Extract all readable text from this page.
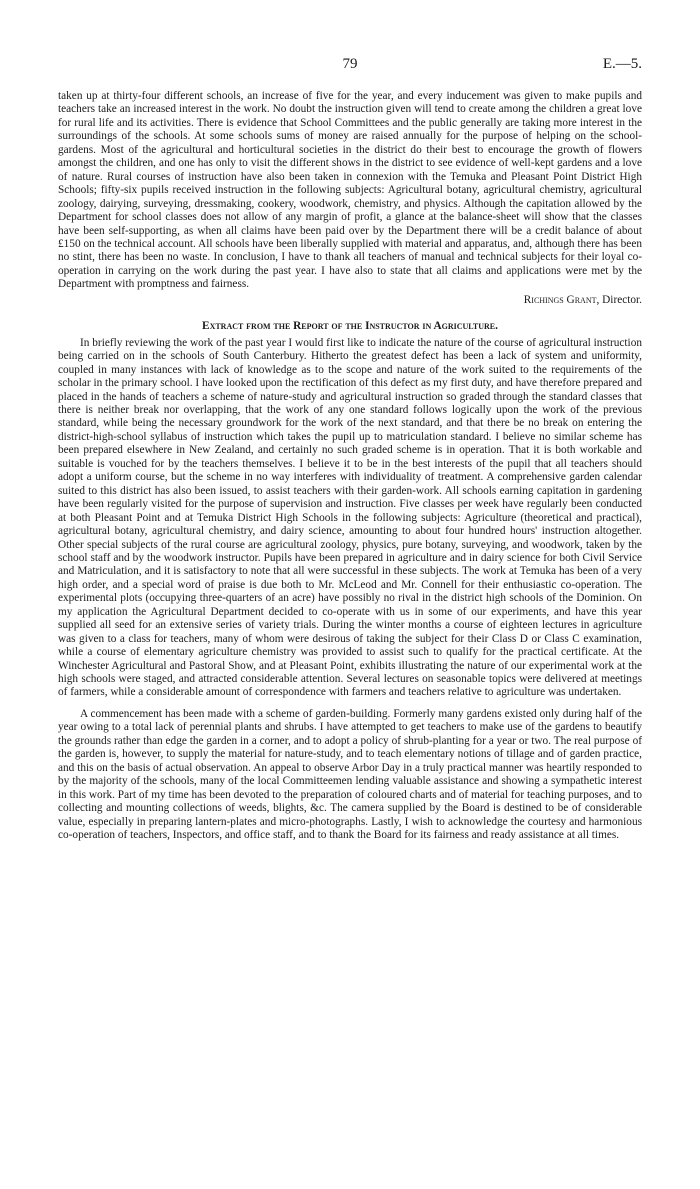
79	E.—5.

taken up at thirty-four different schools, an increase of five for the year, and every inducement was given to make pupils and teachers take an increased interest in the work. No doubt the instruction given will tend to create among the children a great love for rural life and its activities. There is evidence that School Committees and the public generally are taking more interest in the surroundings of the schools. At some schools sums of money are raised annually for the purpose of helping on the school-gardens. Most of the agricultural and horticultural societies in the district do their best to encourage the growth of flowers amongst the children, and one has only to visit the different shows in the district to see evidence of well-kept gardens and a love of nature. Rural courses of instruction have also been taken in connexion with the Temuka and Pleasant Point District High Schools; fifty-six pupils received instruction in the following subjects: Agricultural botany, agricultural chemistry, agricultural zoology, dairying, surveying, dressmaking, cookery, woodwork, chemistry, and physics. Although the capitation allowed by the Department for school classes does not allow of any margin of profit, a glance at the balance-sheet will show that the classes have been self-supporting, as when all claims have been paid over by the Department there will be a credit balance of about £150 on the technical account. All schools have been liberally supplied with material and apparatus, and, although there has been no stint, there has been no waste. In conclusion, I have to thank all teachers of manual and technical subjects for their loyal co-operation in carrying on the work during the past year. I have also to state that all claims and applications were met by the Department with promptness and fairness.

Richings Grant, Director.

Extract from the Report of the Instructor in Agriculture.

In briefly reviewing the work of the past year I would first like to indicate the nature of the course of agricultural instruction being carried on in the schools of South Canterbury. Hitherto the greatest defect has been a lack of system and uniformity, coupled in many instances with lack of knowledge as to the scope and nature of the work suited to the requirements of the scholar in the primary school. I have looked upon the rectification of this defect as my first duty, and have therefore prepared and placed in the hands of teachers a scheme of nature-study and agricultural instruction so graded through the standard classes that there is neither break nor overlapping, that the work of any one standard follows logically upon the work of the previous standard, while being the necessary groundwork for the work of the next standard, and that there be no break on entering the district-high-school syllabus of instruction which takes the pupil up to matriculation standard. I believe no similar scheme has been prepared elsewhere in New Zealand, and certainly no such graded scheme is in operation. That it is both workable and suitable is vouched for by the teachers themselves. I believe it to be in the best interests of the pupil that all teachers should adopt a uniform course, but the scheme in no way interferes with individuality of treatment. A comprehensive garden calendar suited to this district has also been issued, to assist teachers with their garden-work. All schools earning capitation in gardening have been regularly visited for the purpose of supervision and instruction. Five classes per week have regularly been conducted at both Pleasant Point and at Temuka District High Schools in the following subjects: Agriculture (theoretical and practical), agricultural botany, agricultural chemistry, and dairy science, amounting to about four hundred hours' instruction altogether. Other special subjects of the rural course are agricultural zoology, physics, pure botany, surveying, and woodwork, taken by the school staff and by the woodwork instructor. Pupils have been prepared in agriculture and in dairy science for both Civil Service and Matriculation, and it is satisfactory to note that all were successful in these subjects. The work at Temuka has been of a very high order, and a special word of praise is due both to Mr. McLeod and Mr. Connell for their enthusiastic co-operation. The experimental plots (occupying three-quarters of an acre) have possibly no rival in the district high schools of the Dominion. On my application the Agricultural Department decided to co-operate with us in some of our experiments, and have this year supplied all seed for an extensive series of variety trials. During the winter months a course of eighteen lectures in agriculture was given to a class for teachers, many of whom were desirous of taking the subject for their Class D or Class C examination, while a course of elementary agriculture chemistry was provided to assist such to qualify for the practical certificate. At the Winchester Agricultural and Pastoral Show, and at Pleasant Point, exhibits illustrating the nature of our experimental work at the high schools were staged, and attracted considerable attention. Several lectures on seasonable topics were delivered at meetings of farmers, while a considerable amount of correspondence with farmers and teachers relative to agriculture was undertaken.

A commencement has been made with a scheme of garden-building. Formerly many gardens existed only during half of the year owing to a total lack of perennial plants and shrubs. I have attempted to get teachers to make use of the gardens to beautify the grounds rather than edge the garden in a corner, and to adopt a policy of shrub-planting for a year or two. The real purpose of the garden is, however, to supply the material for nature-study, and to teach elementary notions of tillage and of garden practice, and this on the basis of actual observation. An appeal to observe Arbor Day in a truly practical manner was heartily responded to by the majority of the schools, many of the local Committeemen lending valuable assistance and showing a sympathetic interest in this work. Part of my time has been devoted to the preparation of coloured charts and of material for teaching purposes, and to collecting and mounting collections of weeds, blights, &c. The camera supplied by the Board is destined to be of considerable value, especially in preparing lantern-plates and micro-photographs. Lastly, I wish to acknowledge the courtesy and harmonious co-operation of teachers, Inspectors, and office staff, and to thank the Board for its fairness and ready assistance at all times.
